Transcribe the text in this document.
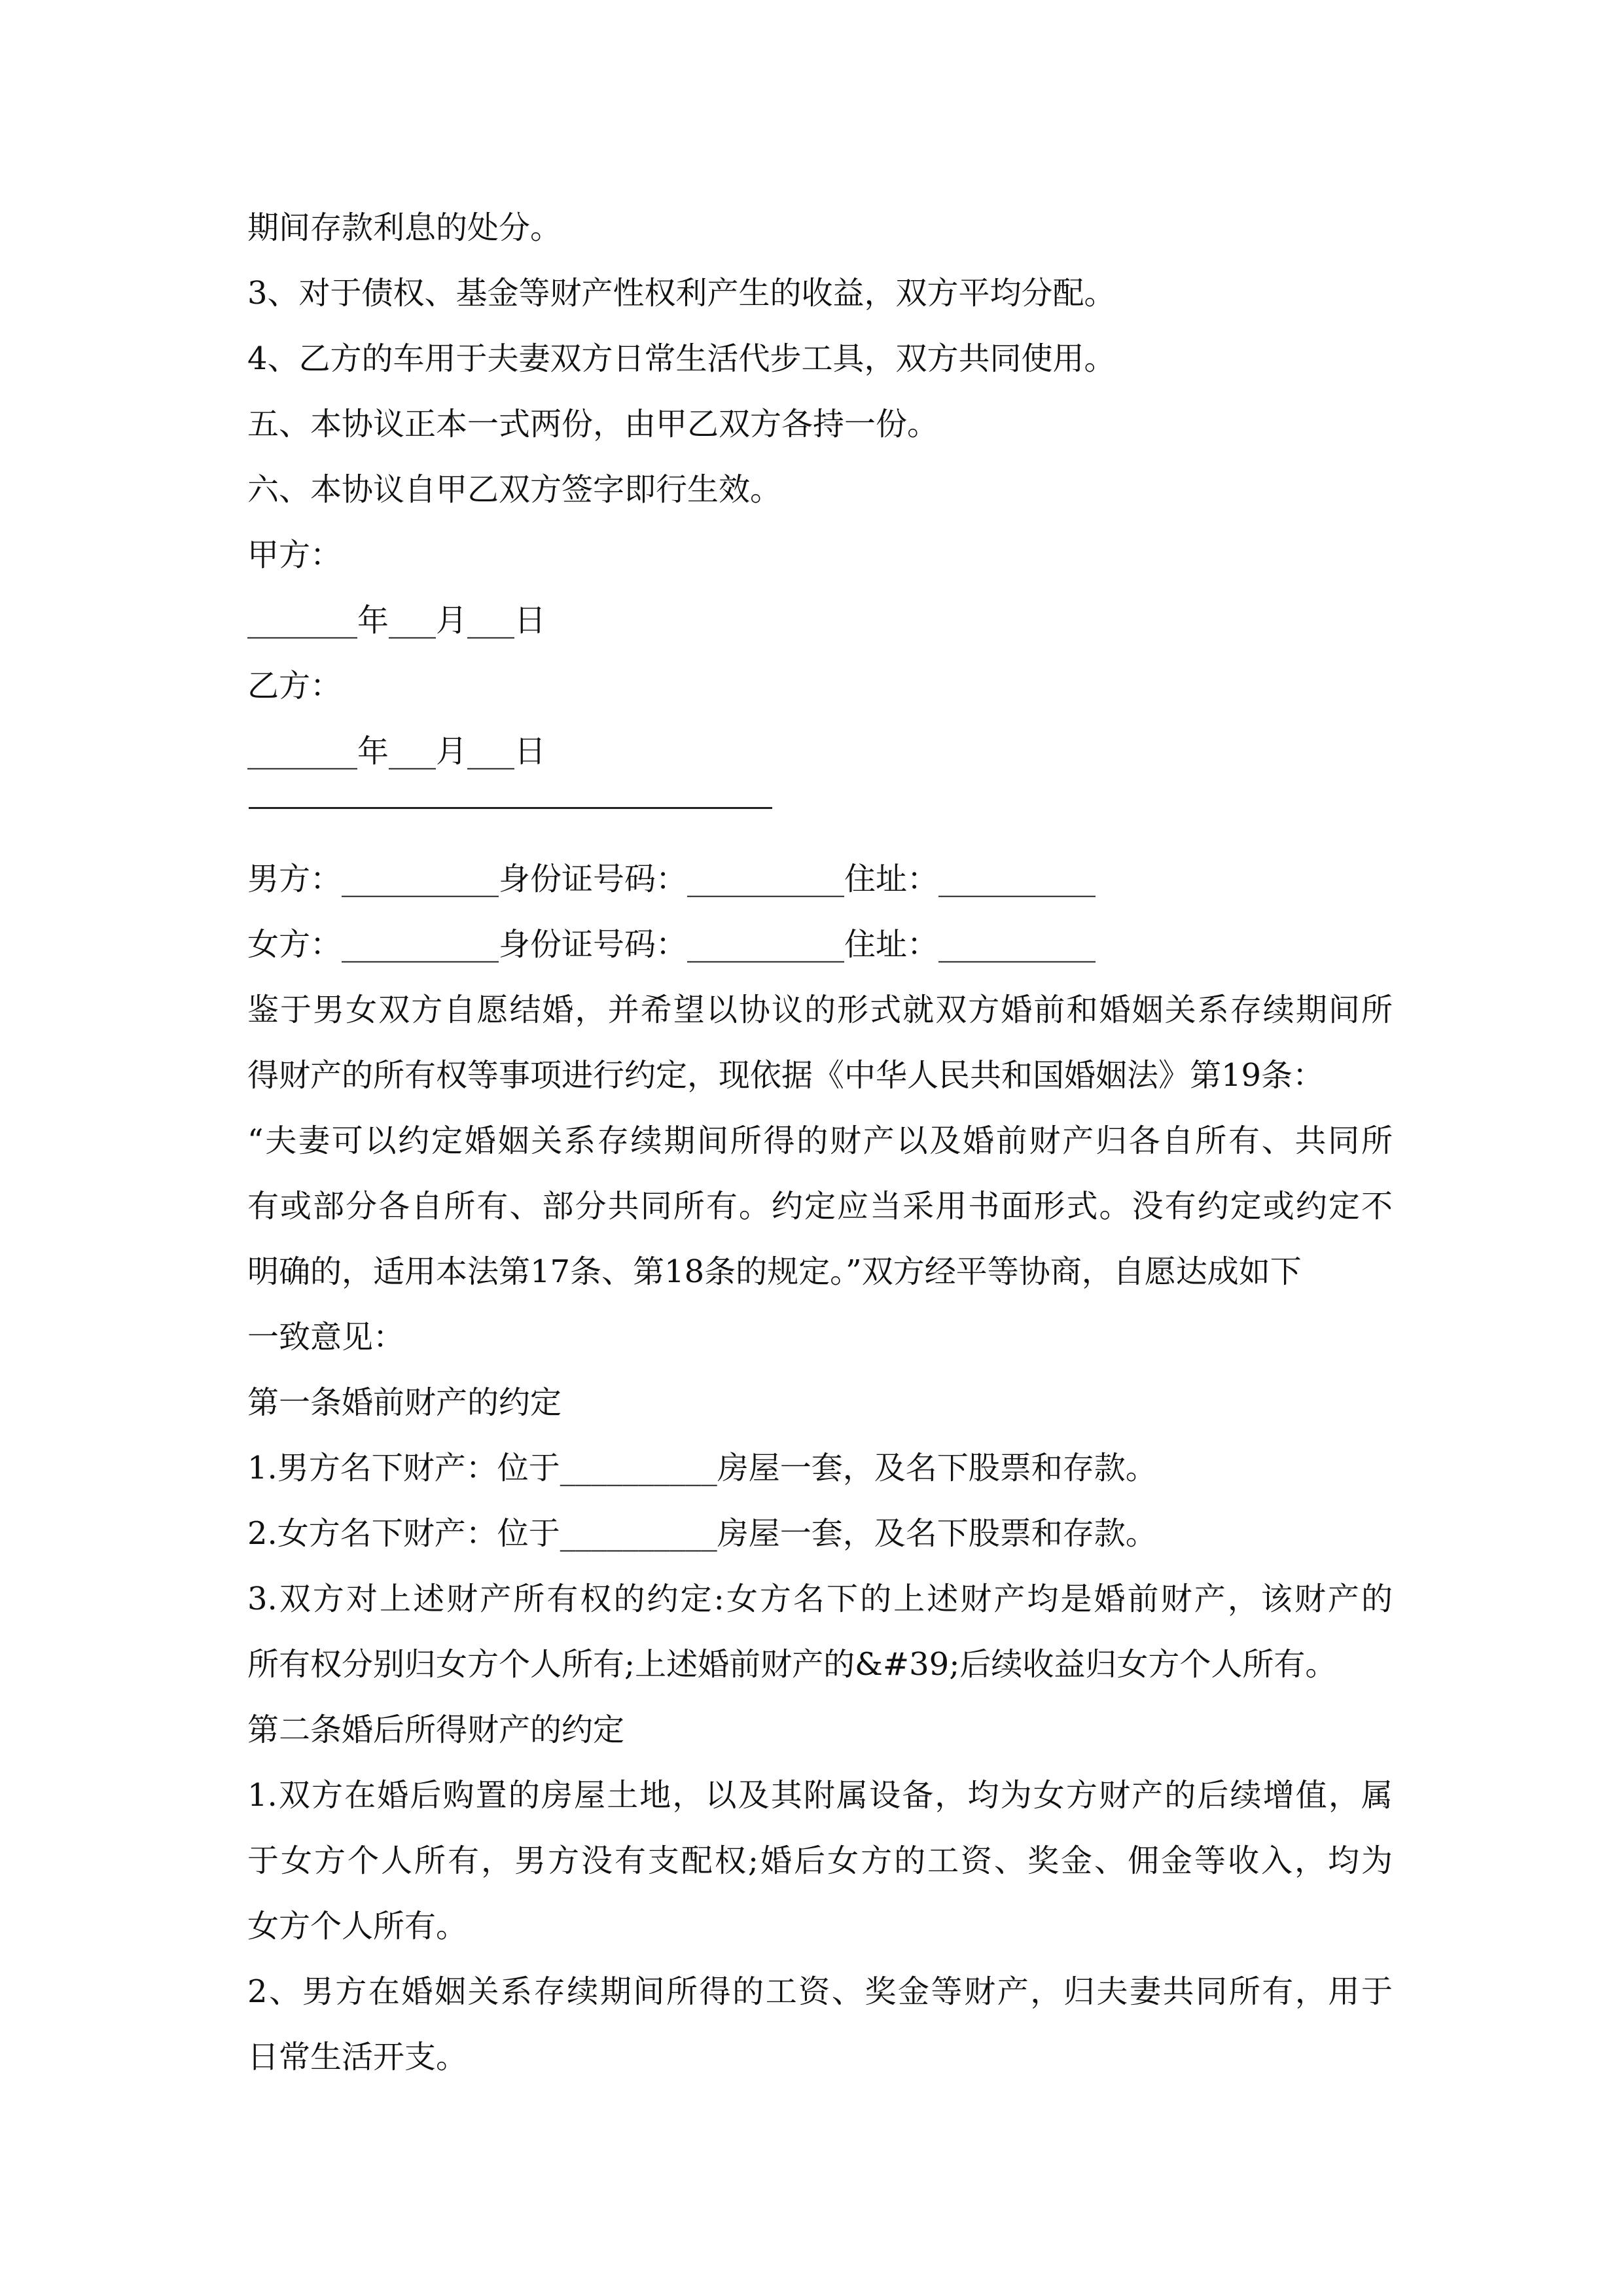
期间存款利息的处分。
3、对于债权、基金等财产性权利产生的收益，双方平均分配。
4、乙方的车用于夫妻双方日常生活代步工具，双方共同使用。
五、本协议正本一式两份，由甲乙双方各持一份。
六、本协议自甲乙双方签字即行生效。
甲方：
_______年___月___日
乙方：
_______年___月___日
男方：__________身份证号码：__________住址：__________
女方：__________身份证号码：__________住址：__________
鉴于男女双方自愿结婚，并希望以协议的形式就双方婚前和婚姻关系存续期间所
得财产的所有权等事项进行约定，现依据《中华人民共和国婚姻法》第19条：
“夫妻可以约定婚姻关系存续期间所得的财产以及婚前财产归各自所有、共同所
有或部分各自所有、部分共同所有。约定应当采用书面形式。没有约定或约定不
明确的，适用本法第17条、第18条的规定。”双方经平等协商，自愿达成如下
一致意见：
第一条婚前财产的约定
1.男方名下财产：位于__________房屋一套，及名下股票和存款。
2.女方名下财产：位于__________房屋一套，及名下股票和存款。
3.双方对上述财产所有权的约定:女方名下的上述财产均是婚前财产，该财产的
所有权分别归女方个人所有;上述婚前财产的&#39;后续收益归女方个人所有。
第二条婚后所得财产的约定
1.双方在婚后购置的房屋土地，以及其附属设备，均为女方财产的后续增值，属
于女方个人所有，男方没有支配权;婚后女方的工资、奖金、佣金等收入，均为
女方个人所有。
2、男方在婚姻关系存续期间所得的工资、奖金等财产，归夫妻共同所有，用于
日常生活开支。
